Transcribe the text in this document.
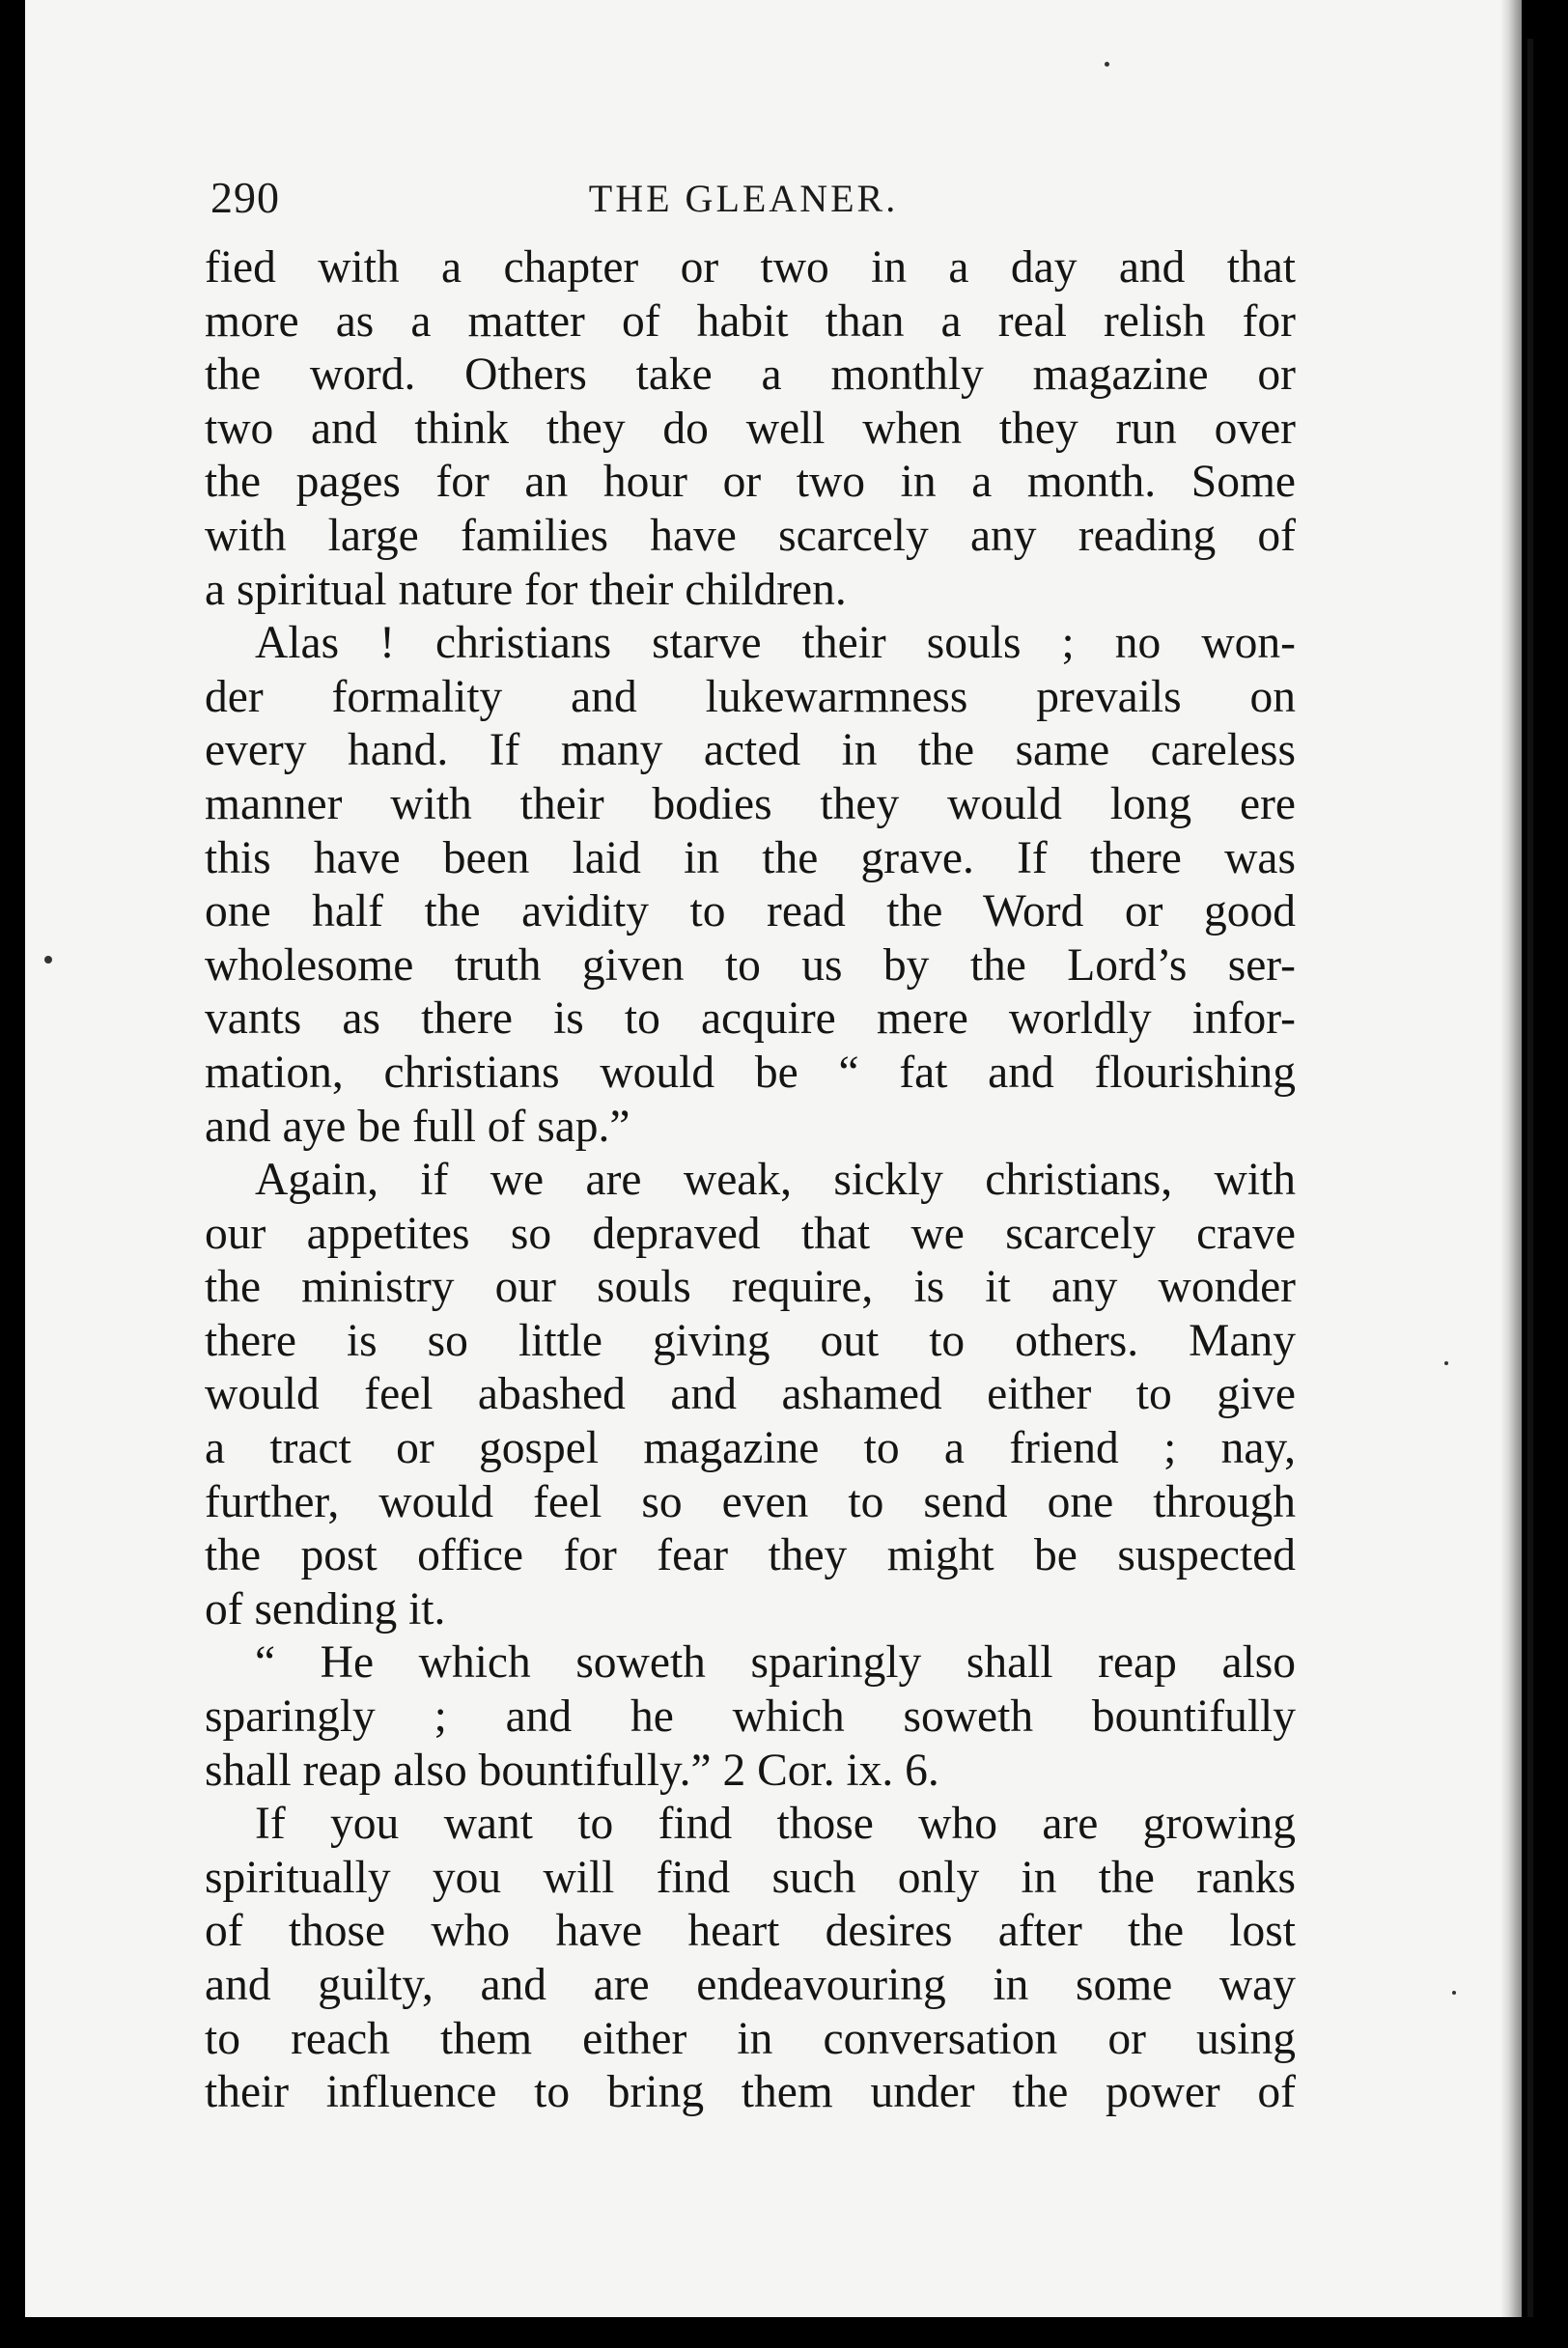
290	THE GLEANER.
fied with a chapter or two in a day and that
more as a matter of habit than a real relish for
the word. Others take a monthly magazine or
two and think they do well when they run over
the pages for an hour or two in a month. Some
with large families have scarcely any reading of
a spiritual nature for their children.
Alas ! christians starve their souls ; no won-
der formality and lukewarmness prevails on
every hand. If many acted in the same careless
manner with their bodies they would long ere
this have been laid in the grave. If there was
one half the avidity to read the Word or good
wholesome truth given to us by the Lord’s ser-
vants as there is to acquire mere worldly infor-
mation, christians would be “ fat and flourishing
and aye be full of sap.”
Again, if we are weak, sickly christians, with
our appetites so depraved that we scarcely crave
the ministry our souls require, is it any wonder
there is so little giving out to others. Many
would feel abashed and ashamed either to give
a tract or gospel magazine to a friend ; nay,
further, would feel so even to send one through
the post office for fear they might be suspected
of sending it.
“ He which soweth sparingly shall reap also
sparingly ; and he which soweth bountifully
shall reap also bountifully.” 2 Cor. ix. 6.
If you want to find those who are growing
spiritually you will find such only in the ranks
of those who have heart desires after the lost
and guilty, and are endeavouring in some way
to reach them either in conversation or using
their influence to bring them under the power of
